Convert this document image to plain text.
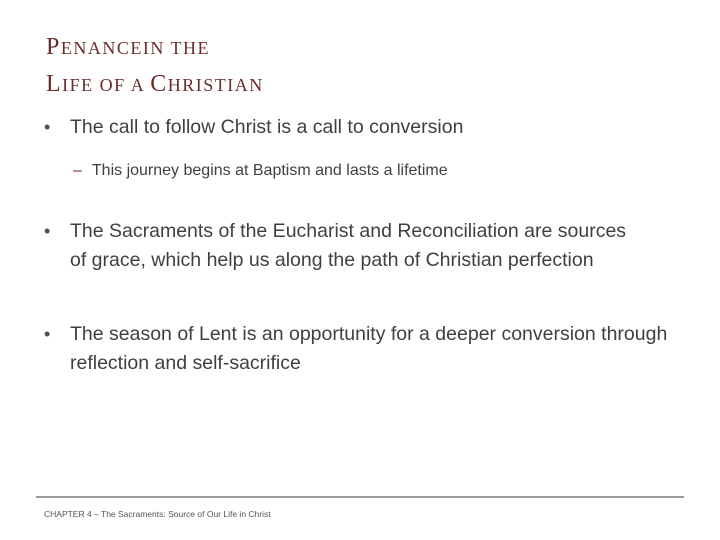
PENANCEIN THE
LIFE OF A CHRISTIAN
• The call to follow Christ is a call to conversion
– This journey begins at Baptism and lasts a lifetime
• The Sacraments of the Eucharist and Reconciliation are sources of grace, which help us along the path of Christian perfection
• The season of Lent is an opportunity for a deeper conversion through reflection and self-sacrifice
CHAPTER 4 – The Sacraments: Source of Our Life in Christ
